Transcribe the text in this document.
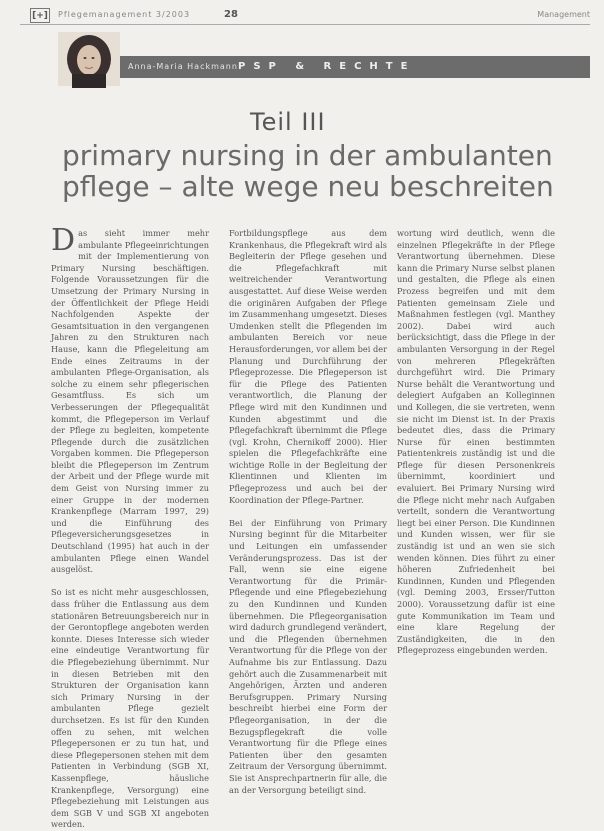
[+] Pflegemanagement 3/2003	28	Management
Anna-Maria Hackmann PSP & RECHTE
Teil III
primary nursing in der ambulanten pflege – alte wege neu beschreiten

Das sieht immer mehr ambulante Pflegeeinrichtungen mit der Implementierung von Primary Nursing beschäftigen. Folgende Voraussetzungen für die Umsetzung der Primary Nursing in der Öffentlichkeit der Pflege Heidi Nachfolgenden Aspekte der Gesamtsituation in den vergangenen Jahren zu den Strukturen nach Hause, kann die Pflegeleitung am Ende eines Zeitraums in der ambulanten Pflege-Organisation, als solche zu einem sehr pflegerischen Gesamtfluss. Es sich um Verbesserungen der Pflegequalität kommt, die Pflegeperson im Verlauf der Pflege zu begleiten, kompetente Pflegende durch die zusätzlichen Vorgaben kommen. Die Pflegeperson bleibt die Pflegeperson im Zentrum der Arbeit und der Pflege wurde mit dem Geist von Nursing immer zu einer Gruppe in der modernen Krankenpflege (Marram 1997, 29) und die Einführung des Pflegeversicherungsgesetzes in Deutschland (1995) hat auch in der ambulanten Pflege einen Wandel ausgelöst.

So ist es nicht mehr ausgeschlossen, dass früher die Entlassung aus dem stationären Betreuungsbereich nur in der Gerontopflege angeboten werden konnte. Dieses Interesse sich wieder eine eindeutige Verantwortung für die Pflegebeziehung übernimmt. Nur in diesen Betrieben mit den Strukturen der Organisation kann sich Primary Nursing in der ambulanten Pflege gezielt durchsetzen. Es ist für den Kunden offen zu sehen, mit welchen Pflegepersonen er zu tun hat, und diese Pflegepersonen stehen mit dem Patienten in Verbindung (SGB XI, Kassenpflege, häusliche Krankenpflege, Versorgung) eine Pflegebeziehung mit Leistungen aus dem SGB V und SGB XI angeboten werden.

Fortbildungspflege aus dem Krankenhaus, die Pflegekraft wird als Begleiterin der Pflege gesehen und die Pflegefachkraft mit weitreichender Verantwortung ausgestattet. Auf diese Weise werden die originären Aufgaben der Pflege im Zusammenhang umgesetzt. Dieses Umdenken stellt die Pflegenden im ambulanten Bereich vor neue Herausforderungen, vor allem bei der Planung und Durchführung der Pflegeprozesse. Die Pflegeperson ist für die Pflege des Patienten verantwortlich, die Planung der Pflege wird mit den Kundinnen und Kunden abgestimmt und die Pflegefachkraft übernimmt die Pflege (vgl. Krohn, Chernikoff 2000). Hier spielen die Pflegefachkräfte eine wichtige Rolle in der Begleitung der Klientinnen und Klienten im Pflegeprozess und auch bei der Koordination der Pflege-Partner.

Bei der Einführung von Primary Nursing beginnt für die Mitarbeiter und Leitungen ein umfassender Veränderungsprozess. Das ist der Fall, wenn sie eine eigene Verantwortung für die Primär-Pflegende und eine Pflegebeziehung zu den Kundinnen und Kunden übernehmen. Die Pflegeorganisation wird dadurch grundlegend verändert, und die Pflegenden übernehmen Verantwortung für die Pflege von der Aufnahme bis zur Entlassung. Dazu gehört auch die Zusammenarbeit mit Angehörigen, Ärzten und anderen Berufsgruppen. Primary Nursing beschreibt hierbei eine Form der Pflegeorganisation, in der die Bezugspflegekraft die volle Verantwortung für die Pflege eines Patienten über den gesamten Zeitraum der Versorgung übernimmt. Sie ist Ansprechpartnerin für alle, die an der Versorgung beteiligt sind.

wortung wird deutlich, wenn die einzelnen Pflegekräfte in der Pflege Verantwortung übernehmen. Diese kann die Primary Nurse selbst planen und gestalten, die Pflege als einen Prozess begreifen und mit dem Patienten gemeinsam Ziele und Maßnahmen festlegen (vgl. Manthey 2002). Dabei wird auch berücksichtigt, dass die Pflege in der ambulanten Versorgung in der Regel von mehreren Pflegekräften durchgeführt wird. Die Primary Nurse behält die Verantwortung und delegiert Aufgaben an Kolleginnen und Kollegen, die sie vertreten, wenn sie nicht im Dienst ist. In der Praxis bedeutet dies, dass die Primary Nurse für einen bestimmten Patientenkreis zuständig ist und die Pflege für diesen Personenkreis übernimmt, koordiniert und evaluiert. Bei Primary Nursing wird die Pflege nicht mehr nach Aufgaben verteilt, sondern die Verantwortung liegt bei einer Person. Die Kundinnen und Kunden wissen, wer für sie zuständig ist und an wen sie sich wenden können. Dies führt zu einer höheren Zufriedenheit bei Kundinnen, Kunden und Pflegenden (vgl. Deming 2003, Ersser/Tutton 2000). Voraussetzung dafür ist eine gute Kommunikation im Team und eine klare Regelung der Zuständigkeiten, die in den Pflegeprozess eingebunden werden.
